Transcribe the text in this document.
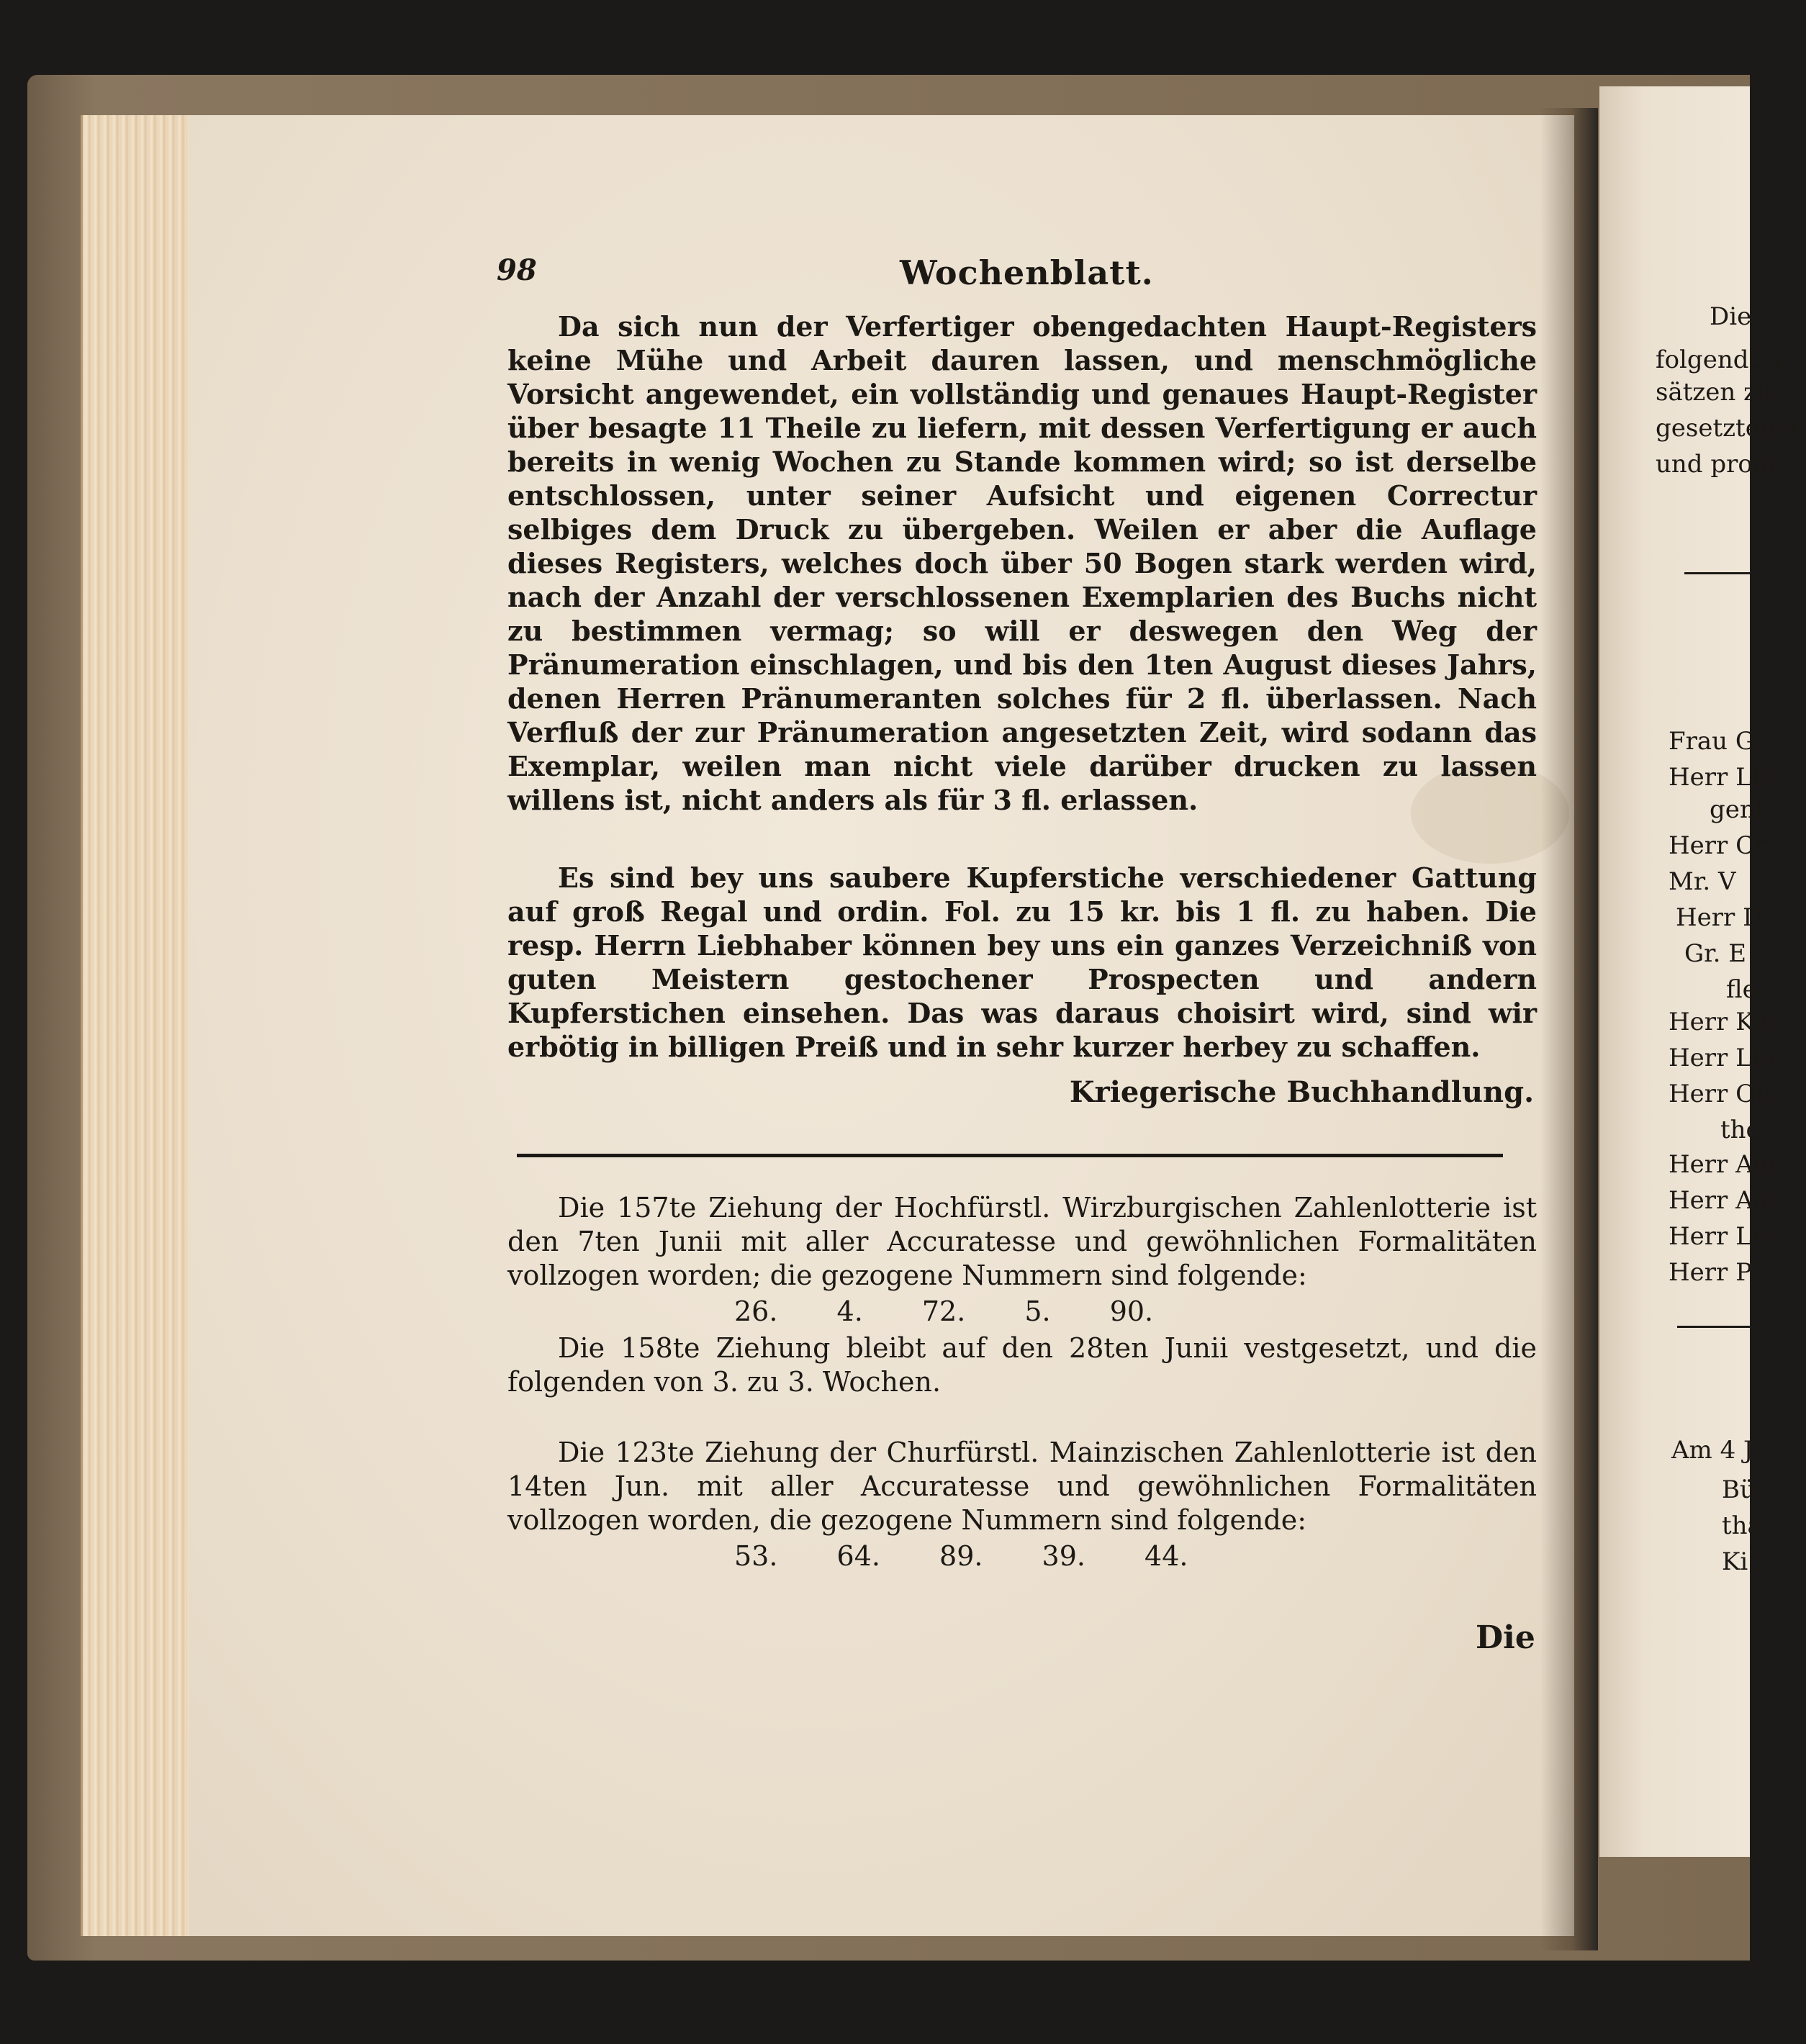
98	Wochenblatt.
Da sich nun der Verfertiger obengedachten Haupt-Registers keine Mühe und Arbeit dauren lassen, und menschmögliche Vorsicht angewendet, ein vollständig und genaues Haupt-Register über besagte 11 Theile zu liefern, mit dessen Verfertigung er auch bereits in wenig Wochen zu Stande kommen wird; so ist derselbe entschlossen, unter seiner Aufsicht und eigenen Correctur selbiges dem Druck zu übergeben. Weilen er aber die Auflage dieses Registers, welches doch über 50 Bogen stark werden wird, nach der Anzahl der verschlossenen Exemplarien des Buchs nicht zu bestimmen vermag; so will er deswegen den Weg der Pränumeration einschlagen, und bis den 1ten August dieses Jahrs, denen Herren Pränumeranten solches für 2 fl. überlassen. Nach Verfluß der zur Pränumeration angesetzten Zeit, wird sodann das Exemplar, weilen man nicht viele darüber drucken zu lassen willens ist, nicht anders als für 3 fl. erlassen.
Es sind bey uns saubere Kupferstiche verschiedener Gattung auf groß Regal und ordin. Fol. zu 15 kr. bis 1 fl. zu haben. Die resp. Herrn Liebhaber können bey uns ein ganzes Verzeichniß von guten Meistern gestochener Prospecten und andern Kupferstichen einsehen. Das was daraus choisirt wird, sind wir erbötig in billigen Preiß und in sehr kurzer herbey zu schaffen.
Kriegerische Buchhandlung.
Die 157te Ziehung der Hochfürstl. Wirzburgischen Zahlenlotterie ist den 7ten Junii mit aller Accuratesse und gewöhnlichen Formalitäten vollzogen worden; die gezogene Nummern sind folgende:
26. 4. 72. 5. 90.
Die 158te Ziehung bleibt auf den 28ten Junii vestgesetzt, und die folgenden von 3. zu 3. Wochen.
Die 123te Ziehung der Churfürstl. Mainzischen Zahlenlotterie ist den 14ten Jun. mit aller Accuratesse und gewöhnlichen Formalitäten vollzogen worden, die gezogene Nummern sind folgende:
53. 64. 89. 39. 44.
Die
Die
folgende v
sätzen zu
gesetzten al
und prom
Frau G
Herr Lie
gent
Herr Cr
Mr. V
Herr D
Gr. E
fle
Herr Ka
Herr Lie
Herr Ob
the
Herr Am
Herr Am
Herr Lie
Herr P
Am 4 J
Bü
tha
Ki
